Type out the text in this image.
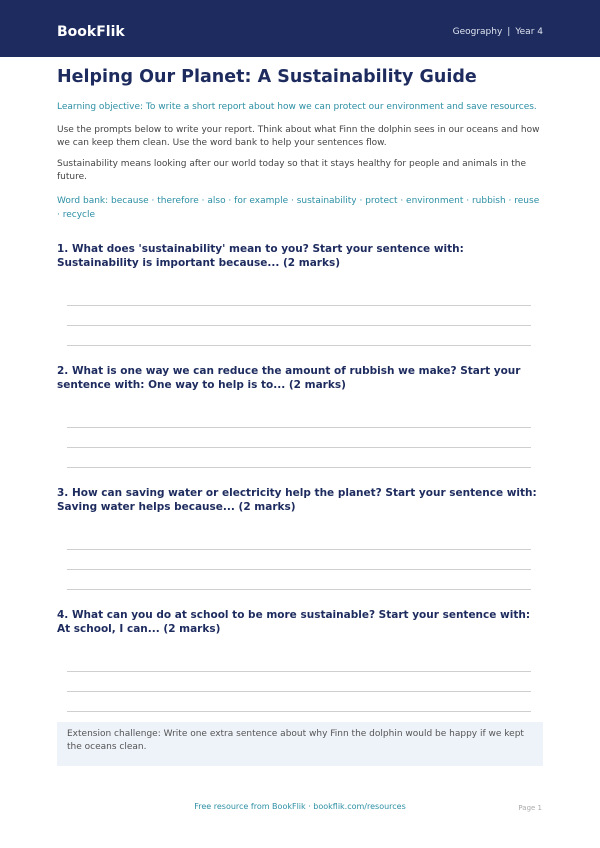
BookFlik	Geography | Year 4
Helping Our Planet: A Sustainability Guide

Learning objective: To write a short report about how we can protect our environment and save resources.

Use the prompts below to write your report. Think about what Finn the dolphin sees in our oceans and how we can keep them clean. Use the word bank to help your sentences flow.

Sustainability means looking after our world today so that it stays healthy for people and animals in the future.

Word bank: because · therefore · also · for example · sustainability · protect · environment · rubbish · reuse · recycle

1. What does 'sustainability' mean to you? Start your sentence with: Sustainability is important because... (2 marks)

2. What is one way we can reduce the amount of rubbish we make? Start your sentence with: One way to help is to... (2 marks)

3. How can saving water or electricity help the planet? Start your sentence with: Saving water helps because... (2 marks)

4. What can you do at school to be more sustainable? Start your sentence with: At school, I can... (2 marks)

Extension challenge: Write one extra sentence about why Finn the dolphin would be happy if we kept the oceans clean.
Free resource from BookFlik · bookflik.com/resources	Page 1
